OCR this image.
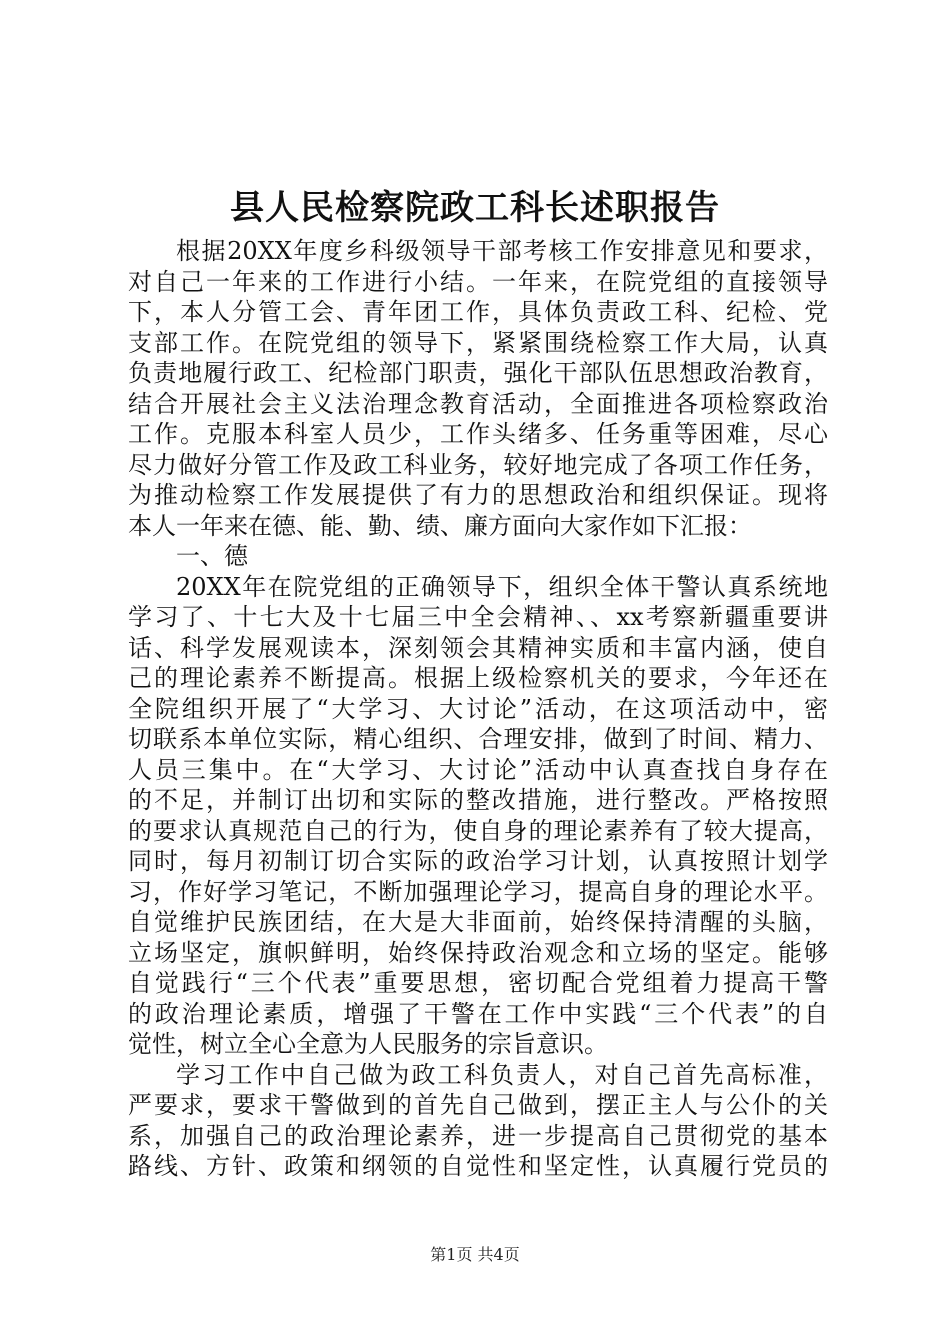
县人民检察院政工科长述职报告
根据20XX年度乡科级领导干部考核工作安排意见和要求，
对自己一年来的工作进行小结。一年来，在院党组的直接领导
下，本人分管工会、青年团工作，具体负责政工科、纪检、党
支部工作。在院党组的领导下，紧紧围绕检察工作大局，认真
负责地履行政工、纪检部门职责，强化干部队伍思想政治教育，
结合开展社会主义法治理念教育活动，全面推进各项检察政治
工作。克服本科室人员少，工作头绪多、任务重等困难，尽心
尽力做好分管工作及政工科业务，较好地完成了各项工作任务，
为推动检察工作发展提供了有力的思想政治和组织保证。现将
本人一年来在德、能、勤、绩、廉方面向大家作如下汇报：
一、德
20XX年在院党组的正确领导下，组织全体干警认真系统地
学习了、十七大及十七届三中全会精神、、xx考察新疆重要讲
话、科学发展观读本，深刻领会其精神实质和丰富内涵，使自
己的理论素养不断提高。根据上级检察机关的要求，今年还在
全院组织开展了“大学习、大讨论”活动，在这项活动中，密
切联系本单位实际，精心组织、合理安排，做到了时间、精力、
人员三集中。在“大学习、大讨论”活动中认真查找自身存在
的不足，并制订出切和实际的整改措施，进行整改。严格按照
的要求认真规范自己的行为，使自身的理论素养有了较大提高，
同时，每月初制订切合实际的政治学习计划，认真按照计划学
习，作好学习笔记，不断加强理论学习，提高自身的理论水平。
自觉维护民族团结，在大是大非面前，始终保持清醒的头脑，
立场坚定，旗帜鲜明，始终保持政治观念和立场的坚定。能够
自觉践行“三个代表”重要思想，密切配合党组着力提高干警
的政治理论素质，增强了干警在工作中实践“三个代表”的自
觉性，树立全心全意为人民服务的宗旨意识。
学习工作中自己做为政工科负责人，对自己首先高标准，
严要求，要求干警做到的首先自己做到，摆正主人与公仆的关
系，加强自己的政治理论素养，进一步提高自己贯彻党的基本
路线、方针、政策和纲领的自觉性和坚定性，认真履行党员的
第1页 共4页
